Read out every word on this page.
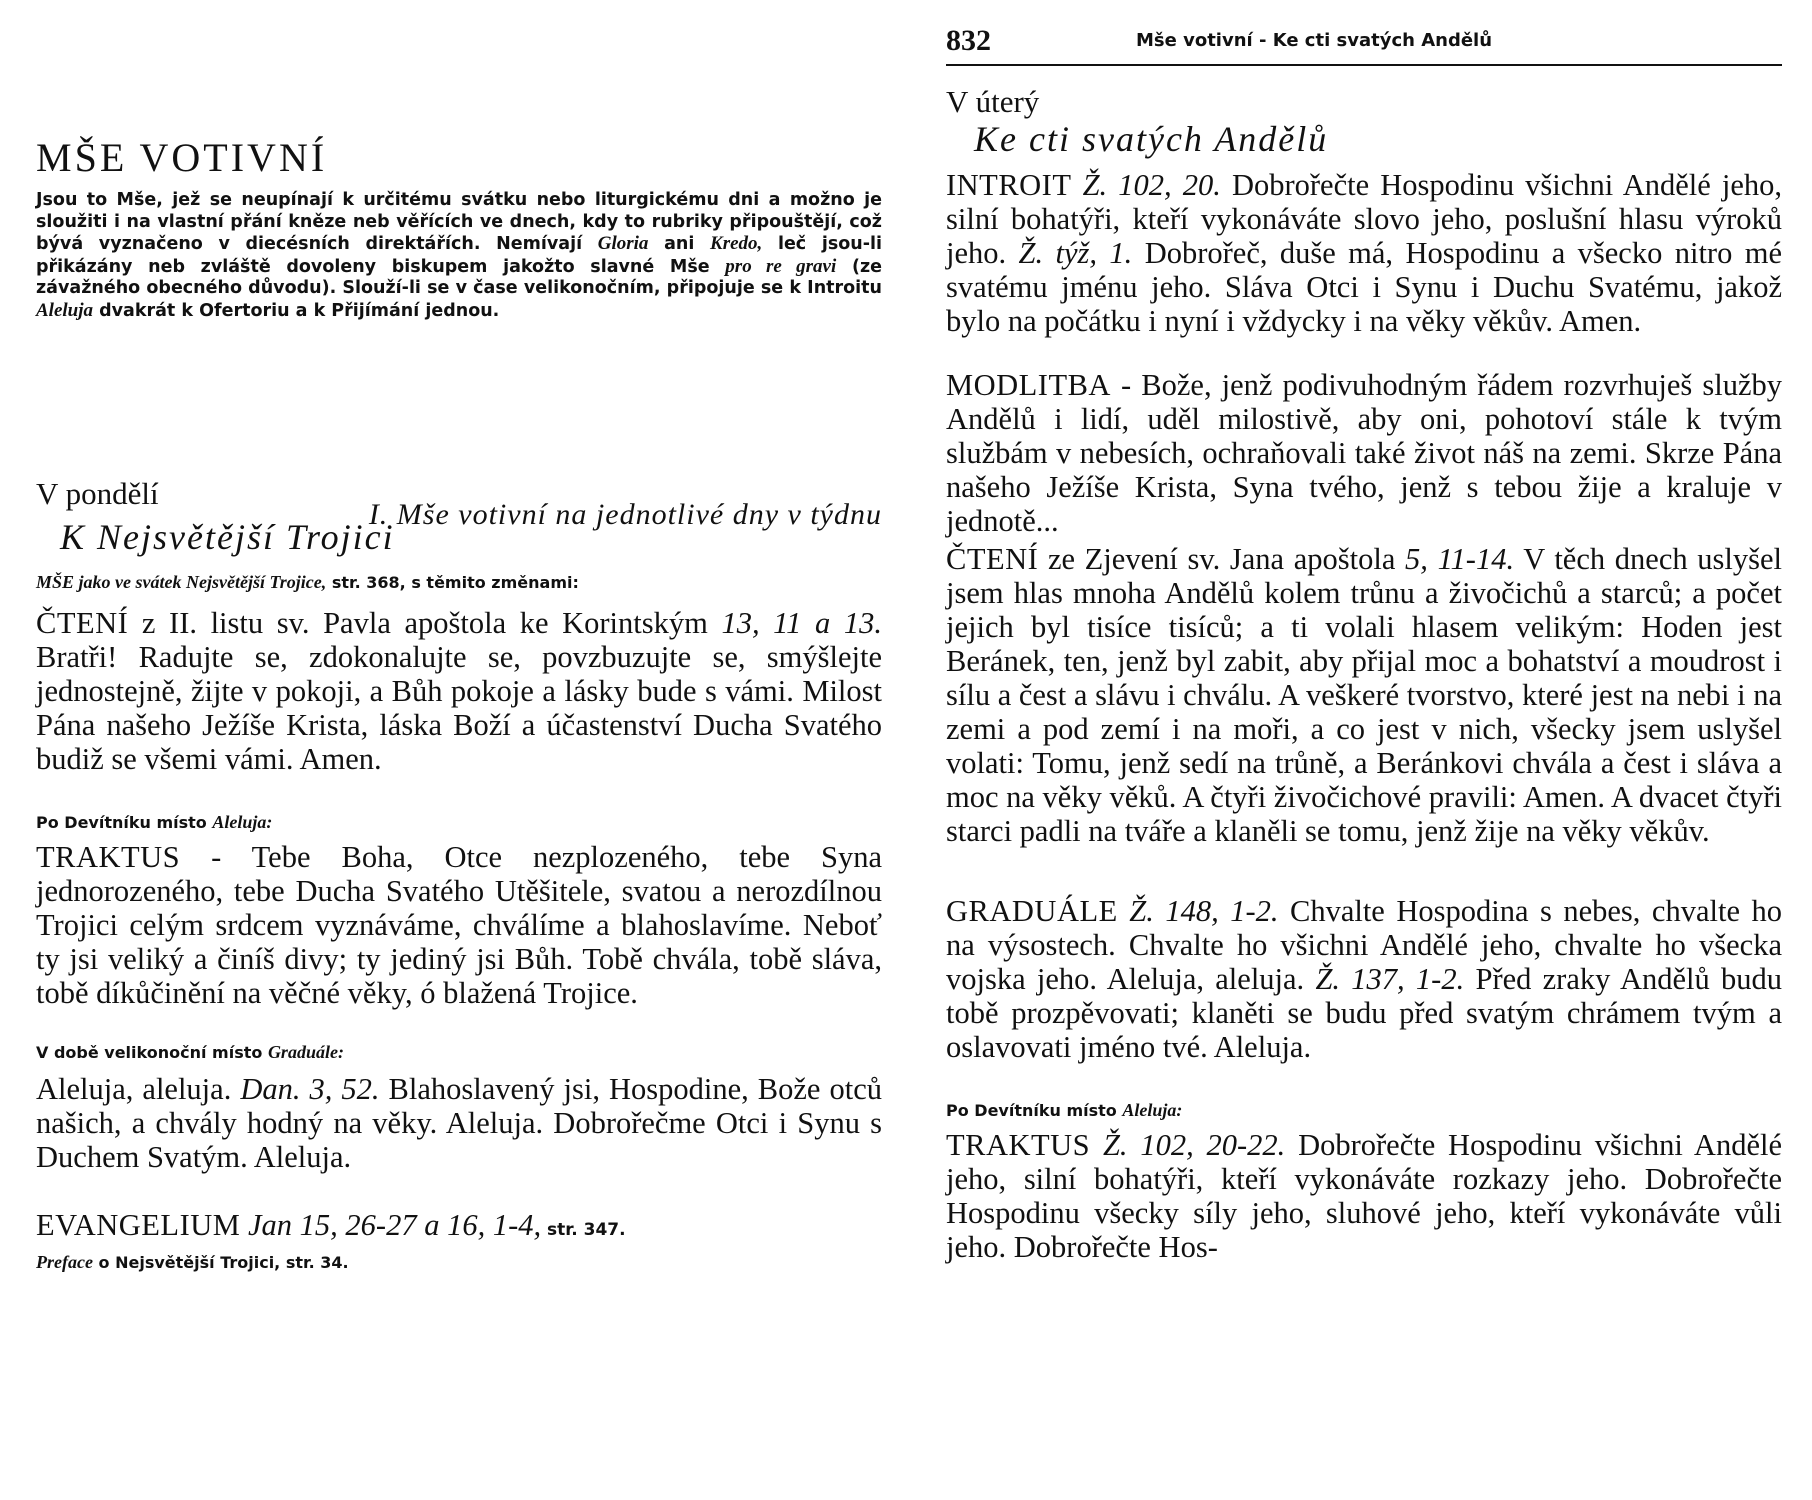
MŠE VOTIVNÍ

Jsou to Mše, jež se neupínají k určitému svátku nebo liturgickému dni a možno je sloužiti i na vlastní přání kněze neb věřících ve dnech, kdy to rubriky připouštějí, což bývá vyznačeno v diecésních direktářích. Nemívají Gloria ani Kredo, leč jsou-li přikázány neb zvláště dovoleny biskupem jakožto slavné Mše pro re gravi (ze závažného obecného důvodu). Slouží-li se v čase velikonočním, připojuje se k Introitu Aleluja dvakrát k Ofertoriu a k Přijímání jednou.

I. Mše votivní na jednotlivé dny v týdnu
V pondělí
K Nejsvětější Trojici

MŠE jako ve svátek Nejsvětější Trojice, str. 368, s těmito změnami:

ČTENÍ z II. listu sv. Pavla apoštola ke Korintským 13, 11 a 13. Bratři! Radujte se, zdokonalujte se, povzbuzujte se, smýšlejte jednostejně, žijte v pokoji, a Bůh pokoje a lásky bude s vámi. Milost Pána našeho Ježíše Krista, láska Boží a účastenství Ducha Svatého budiž se všemi vámi. Amen.

Po Devítníku místo Aleluja:

TRAKTUS - Tebe Boha, Otce nezplozeného, tebe Syna jednorozeného, tebe Ducha Svatého Utěšitele, svatou a nerozdílnou Trojici celým srdcem vyznáváme, chválíme a blahoslavíme. Neboť ty jsi veliký a činíš divy; ty jediný jsi Bůh. Tobě chvála, tobě sláva, tobě díkůčinění na věčné věky, ó blažená Trojice.

V době velikonoční místo Graduále:

Aleluja, aleluja. Dan. 3, 52. Blahoslavený jsi, Hospodine, Bože otců našich, a chvály hodný na věky. Aleluja. Dobrořečme Otci i Synu s Duchem Svatým. Aleluja.

EVANGELIUM Jan 15, 26-27 a 16, 1-4, str. 347.

Preface o Nejsvětější Trojici, str. 34.

832	Mše votivní - Ke cti svatých Andělů
V úterý
Ke cti svatých Andělů

INTROIT Ž. 102, 20. Dobrořečte Hospodinu všichni Andělé jeho, silní bohatýři, kteří vykonáváte slovo jeho, poslušní hlasu výroků jeho. Ž. týž, 1. Dobrořeč, duše má, Hospodinu a všecko nitro mé svatému jménu jeho. Sláva Otci i Synu i Duchu Svatému, jakož bylo na počátku i nyní i vždycky i na věky věkův. Amen.

MODLITBA - Bože, jenž podivuhodným řádem rozvrhuješ služby Andělů i lidí, uděl milostivě, aby oni, pohotoví stále k tvým službám v nebesích, ochraňovali také život náš na zemi. Skrze Pána našeho Ježíše Krista, Syna tvého, jenž s tebou žije a kraluje v jednotě...

ČTENÍ ze Zjevení sv. Jana apoštola 5, 11-14. V těch dnech uslyšel jsem hlas mnoha Andělů kolem trůnu a živočichů a starců; a počet jejich byl tisíce tisíců; a ti volali hlasem velikým: Hoden jest Beránek, ten, jenž byl zabit, aby přijal moc a bohatství a moudrost i sílu a čest a slávu i chválu. A veškeré tvorstvo, které jest na nebi i na zemi a pod zemí i na moři, a co jest v nich, všecky jsem uslyšel volati: Tomu, jenž sedí na trůně, a Beránkovi chvála a čest i sláva a moc na věky věků. A čtyři živočichové pravili: Amen. A dvacet čtyři starci padli na tváře a klaněli se tomu, jenž žije na věky věkův.

GRADUÁLE Ž. 148, 1-2. Chvalte Hospodina s nebes, chvalte ho na výsostech. Chvalte ho všichni Andělé jeho, chvalte ho všecka vojska jeho. Aleluja, aleluja. Ž. 137, 1-2. Před zraky Andělů budu tobě prozpěvovati; klaněti se budu před svatým chrámem tvým a oslavovati jméno tvé. Aleluja.

Po Devítníku místo Aleluja:

TRAKTUS Ž. 102, 20-22. Dobrořečte Hospodinu všichni Andělé jeho, silní bohatýři, kteří vykonáváte rozkazy jeho. Dobrořečte Hospodinu všecky síly jeho, sluhové jeho, kteří vykonáváte vůli jeho. Dobrořečte Hos-
